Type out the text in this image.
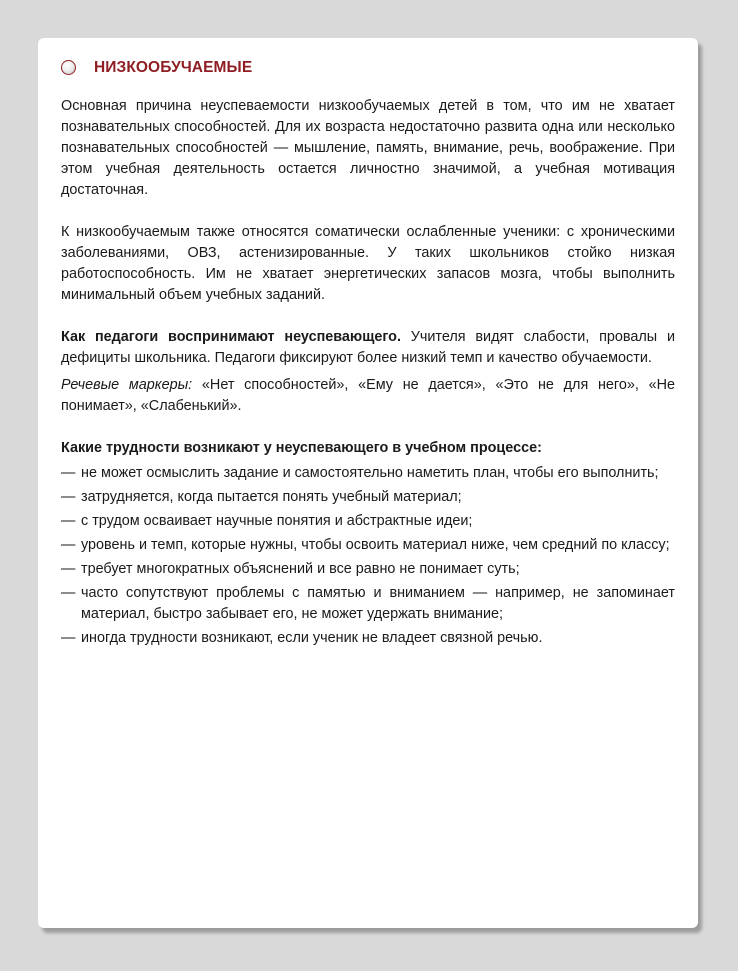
НИЗКООБУЧАЕМЫЕ

Основная причина неуспеваемости низкообучаемых детей в том, что им не хватает познавательных способностей. Для их возраста недостаточно развита одна или несколько познавательных способностей — мышление, память, внимание, речь, воображение. При этом учебная деятельность остается личностно значимой, а учебная мотивация достаточная.

К низкообучаемым также относятся соматически ослабленные ученики: с хроническими заболеваниями, ОВЗ, астенизированные. У таких школьников стойко низкая работоспособность. Им не хватает энергетических запасов мозга, чтобы выполнить минимальный объем учебных заданий.

Как педагоги воспринимают неуспевающего. Учителя видят слабости, провалы и дефициты школьника. Педагоги фиксируют более низкий темп и качество обучаемости.

Речевые маркеры: «Нет способностей», «Ему не дается», «Это не для него», «Не понимает», «Слабенький».

Какие трудности возникают у неуспевающего в учебном процессе:

— не может осмыслить задание и самостоятельно наметить план, чтобы его выполнить;
— затрудняется, когда пытается понять учебный материал;
— с трудом осваивает научные понятия и абстрактные идеи;
— уровень и темп, которые нужны, чтобы освоить материал ниже, чем средний по классу;
— требует многократных объяснений и все равно не понимает суть;
— часто сопутствуют проблемы с памятью и вниманием — например, не запоминает материал, быстро забывает его, не может удержать внимание;
— иногда трудности возникают, если ученик не владеет связной речью.
